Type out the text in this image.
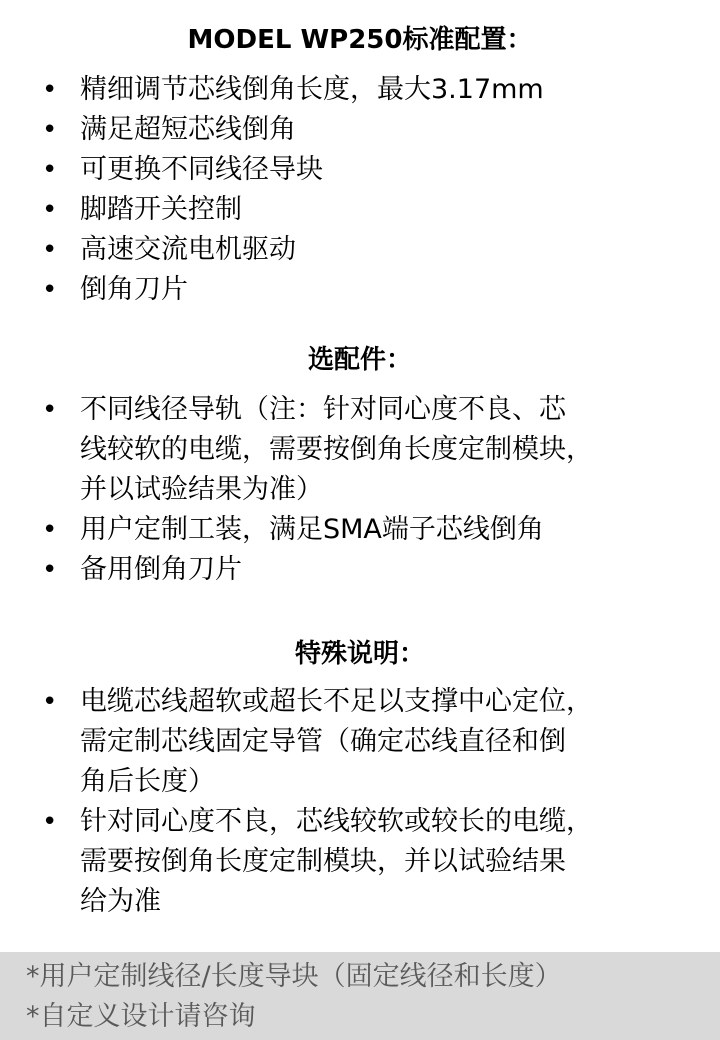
MODEL WP250标准配置：
• 精细调节芯线倒角长度，最大3.17mm
• 满足超短芯线倒角
• 可更换不同线径导块
• 脚踏开关控制
• 高速交流电机驱动
• 倒角刀片
选配件：
• 不同线径导轨（注：针对同心度不良、芯
线较软的电缆，需要按倒角长度定制模块，
并以试验结果为准）
• 用户定制工装，满足SMA端子芯线倒角
• 备用倒角刀片
特殊说明：
• 电缆芯线超软或超长不足以支撑中心定位，
需定制芯线固定导管（确定芯线直径和倒
角后长度）
• 针对同心度不良，芯线较软或较长的电缆，
需要按倒角长度定制模块，并以试验结果
给为准
*用户定制线径/长度导块（固定线径和长度）
*自定义设计请咨询
